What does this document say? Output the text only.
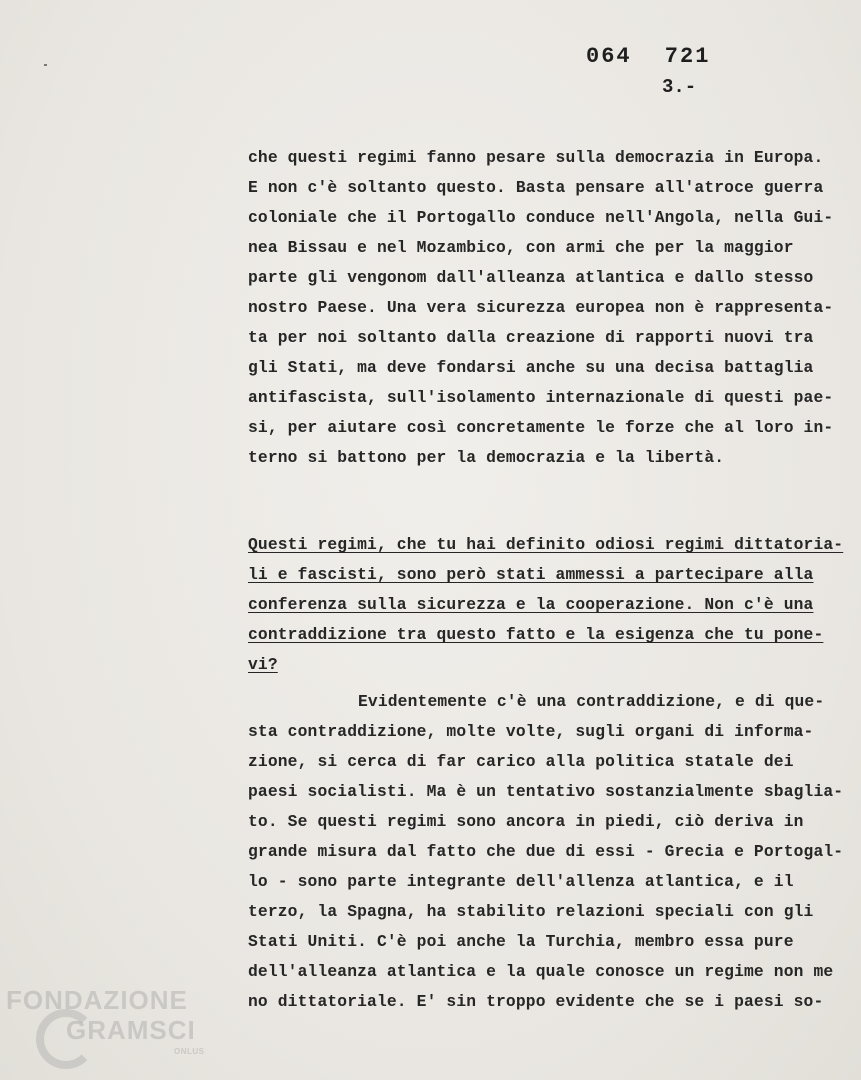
064 721
3.-
che questi regimi fanno pesare sulla democrazia in Europa.
E non c'è soltanto questo. Basta pensare all'atroce guerra
coloniale che il Portogallo conduce nell'Angola, nella Gui-
nea Bissau e nel Mozambico, con armi che per la maggior
parte gli vengonom dall'alleanza atlantica e dallo stesso
nostro Paese. Una vera sicurezza europea non è rappresenta-
ta per noi soltanto dalla creazione di rapporti nuovi tra
gli Stati, ma deve fondarsi anche su una decisa battaglia
antifascista, sull'isolamento internazionale di questi pae-
si, per aiutare così concretamente le forze che al loro in-
terno si battono per la democrazia e la libertà.
Questi regimi, che tu hai definito odiosi regimi dittatoria-
li e fascisti, sono però stati ammessi a partecipare alla
conferenza sulla sicurezza e la cooperazione. Non c'è una
contraddizione tra questo fatto e la esigenza che tu pone-
vi?
Evidentemente c'è una contraddizione, e di que-
sta contraddizione, molte volte, sugli organi di informa-
zione, si cerca di far carico alla politica statale dei
paesi socialisti. Ma è un tentativo sostanzialmente sbaglia-
to. Se questi regimi sono ancora in piedi, ciò deriva in
grande misura dal fatto che due di essi - Grecia e Portogal-
lo - sono parte integrante dell'allenza atlantica, e il
terzo, la Spagna, ha stabilito relazioni speciali con gli
Stati Uniti. C'è poi anche la Turchia, membro essa pure
dell'alleanza atlantica e la quale conosce un regime non me
no dittatoriale. E' sin troppo evidente che se i paesi so-
FONDAZIONE
GRAMSCI
ONLUS
